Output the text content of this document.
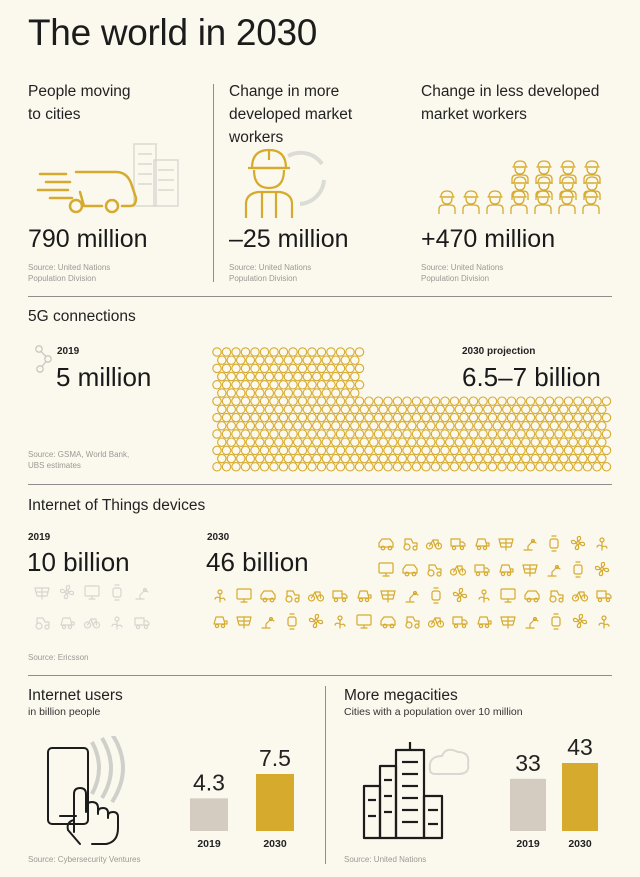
The world in 2030
People moving
to cities
790 million
Source: United Nations
Population Division
Change in more
developed market
workers
–25 million
Source: United Nations
Population Division
Change in less developed
market workers
+470 million
Source: United Nations
Population Division
5G connections
2019
5 million
2030 projection
6.5–7 billion
Source: GSMA, World Bank,
UBS estimates
Internet of Things devices
2019
10 billion
2030
46 billion
Source: Ericsson
Internet users
in billion people
4.3
2019
7.5
2030
Source: Cybersecurity Ventures
More megacities
Cities with a population over 10 million
33
2019
43
2030
Source: United Nations
